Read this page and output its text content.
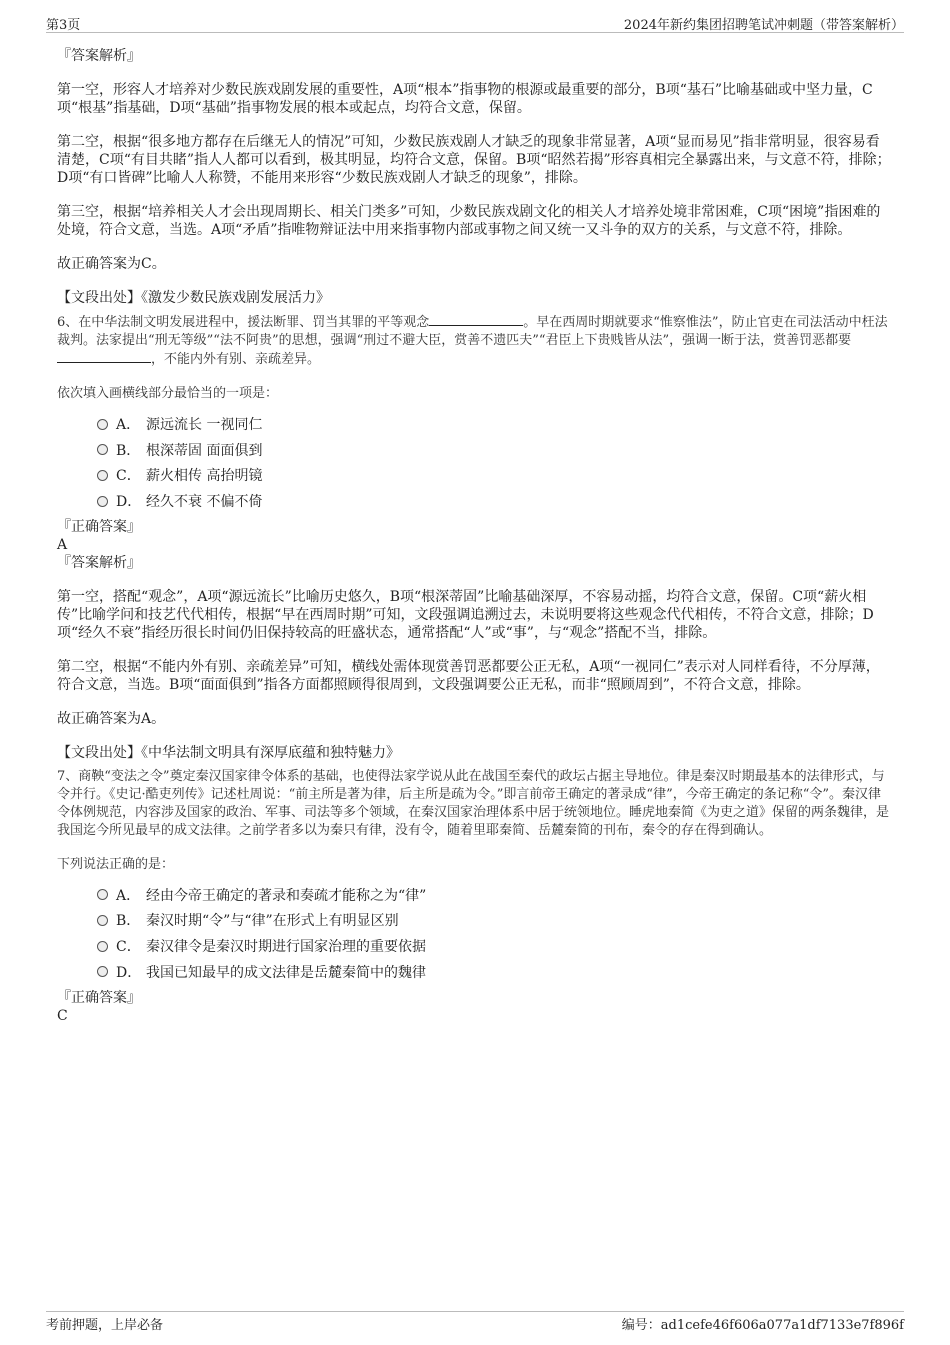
第3页	2024年新约集团招聘笔试冲刺题（带答案解析）

『答案解析』

第一空，形容人才培养对少数民族戏剧发展的重要性，A项“根本”指事物的根源或最重要的部分，B项“基石”比喻基础或中坚力量，C项“根基”指基础，D项“基础”指事物发展的根本或起点，均符合文意，保留。

第二空，根据“很多地方都存在后继无人的情况”可知，少数民族戏剧人才缺乏的现象非常显著，A项“显而易见”指非常明显，很容易看清楚，C项“有目共睹”指人人都可以看到，极其明显，均符合文意，保留。B项“昭然若揭”形容真相完全暴露出来，与文意不符，排除；D项“有口皆碑”比喻人人称赞，不能用来形容“少数民族戏剧人才缺乏的现象”，排除。

第三空，根据“培养相关人才会出现周期长、相关门类多”可知，少数民族戏剧文化的相关人才培养处境非常困难，C项“困境”指困难的处境，符合文意，当选。A项“矛盾”指唯物辩证法中用来指事物内部或事物之间又统一又斗争的双方的关系，与文意不符，排除。

故正确答案为C。

【文段出处】《激发少数民族戏剧发展活力》

6、在中华法制文明发展进程中，援法断罪、罚当其罪的平等观念	。早在西周时期就要求“惟察惟法”，防止官吏在司法活动中枉法裁判。法家提出“刑无等级”“法不阿贵”的思想，强调“刑过不避大臣，赏善不遗匹夫”“君臣上下贵贱皆从法”，强调一断于法，赏善罚恶都要，不能内外有别、亲疏差异。

依次填入画横线部分最恰当的一项是：

A． 源远流长 一视同仁
B． 根深蒂固 面面俱到
C． 薪火相传 高抬明镜
D． 经久不衰 不偏不倚

『正确答案』

A

『答案解析』

第一空，搭配“观念”，A项“源远流长”比喻历史悠久，B项“根深蒂固”比喻基础深厚，不容易动摇，均符合文意，保留。C项“薪火相传”比喻学问和技艺代代相传，根据“早在西周时期”可知，文段强调追溯过去，未说明要将这些观念代代相传，不符合文意，排除；D项“经久不衰”指经历很长时间仍旧保持较高的旺盛状态，通常搭配“人”或“事”，与“观念”搭配不当，排除。

第二空，根据“不能内外有别、亲疏差异”可知，横线处需体现赏善罚恶都要公正无私，A项“一视同仁”表示对人同样看待，不分厚薄，符合文意，当选。B项“面面俱到”指各方面都照顾得很周到，文段强调要公正无私，而非“照顾周到”，不符合文意，排除。

故正确答案为A。

【文段出处】《中华法制文明具有深厚底蕴和独特魅力》

7、商鞅“变法之令”奠定秦汉国家律令体系的基础，也使得法家学说从此在战国至秦代的政坛占据主导地位。律是秦汉时期最基本的法律形式，与令并行。《史记·酷吏列传》记述杜周说：“前主所是著为律，后主所是疏为令。”即言前帝王确定的著录成“律”，今帝王确定的条记称“令”。秦汉律令体例规范，内容涉及国家的政治、军事、司法等多个领域，在秦汉国家治理体系中居于统领地位。睡虎地秦简《为吏之道》保留的两条魏律，是我国迄今所见最早的成文法律。之前学者多以为秦只有律，没有令，随着里耶秦简、岳麓秦简的刊布，秦令的存在得到确认。

下列说法正确的是：

A． 经由今帝王确定的著录和奏疏才能称之为“律”
B． 秦汉时期“令”与“律”在形式上有明显区别
C． 秦汉律令是秦汉时期进行国家治理的重要依据
D． 我国已知最早的成文法律是岳麓秦简中的魏律

『正确答案』

C

考前押题，上岸必备	编号：ad1cefe46f606a077a1df7133e7f896f
